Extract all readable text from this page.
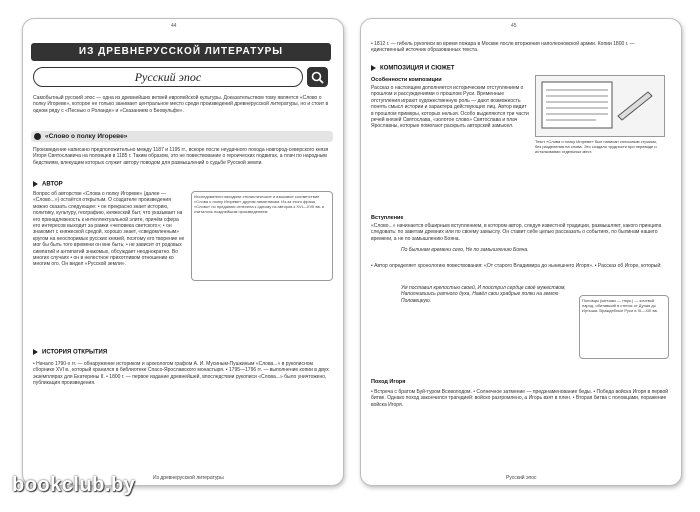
44
ИЗ ДРЕВНЕРУССКОЙ ЛИТЕРАТУРЫ
Русский эпос
Самобытный русский эпос — одна из древнейших ветвей европейской культуры. Доказательством тому является «Слово о полку Игореве», которое не только занимает центральное место среди произведений древнерусской литературы, но и стоит в одном ряду с «Песнью о Роланде» и «Сказанием о Беовульфе».
«Слово о полку Игореве»
Произведение написано предположительно между 1187 и 1195 гг., вскоре после неудачного похода новгород-северского князя Игоря Святославича на половцев в 1185 г. Таким образом, это не повествование о героических подвигах, а плач по народным бедствиям, влекущим которых служит автору поводом для размышлений о судьбе Русской земли.
АВТОР
Вопрос об авторстве «Слова о полку Игореве» (далее — «Слово...») остаётся открытым. О создателе произведения можно сказать следующее: • он прекрасно знает историю, политику, культуру, географию, княжеский быт, что указывает на его принадлежность к интеллектуальной элите, причём сфера его интересов выходит за рамки «человека светского»; • он знакомит с княжеской средой, хорошо знает, «сведомленным» кругом на неоспоримых русских князей, поэтому его творение не мог бы быть того времени он вне быть; • не зависит от родовых симпатий и антипатий знакомых, обсуждает неоднократно. Во многих случаях • он в нелестное прихотливом отношении ко многим ого. Он видел «Русской земли».
Исследователи находили стилистическое и языковое соответствие «Слова о полку Игореве» другим памятникам. Из-за этого фраза «Слово» по преданию отнесена к одному из авторов к XVI—XVII вв. и считалось позднейшим произведением.
ИСТОРИЯ ОТКРЫТИЯ
• Начало 1790-х гг. — обнаружение историком и археологом графом А. И. Мусиным-Пушкиным «Слова...» в рукописном сборнике XVI в., который хранился в библиотеке Спасо-Ярославского монастыря. • 1795—1796 гг. — выполнение копии в двух экземплярах для Екатерины II. • 1800 г. — первое издание древнейшей, впоследствии рукописи «Слова...» было уничтожено, публикация произведения.
Из древнерусской литературы
45
• 1812 г. — гибель рукописи во время пожара в Москве после вторжения наполеоновской армии. Копии 1800 г. — единственный источник образованных текста.
КОМПОЗИЦИЯ И СЮЖЕТ
Особенности композиции
Рассказ о настоящем дополняется историческим отступлением о прошлом и рассуждениями о прошлом Руси. Временные отступления играют художественную роль — дают возможность понять смысл истории и характера действующих лиц. Автор видит в прошлом примеры, которых нельзя. Особо выделяются три части речей князей Святослава, «золотое слово» Святослава и плач Ярославны, которые помогают раскрыть авторский замысел.
Текст «Слова о полку Игореве» был написан сплошным строком, без разделения на слова. Это создало трудности при переводе и истолковании отдельных мест.
Вступление
«Слово...» начинается обширным вступлением, в котором автор, следуя известной традиции, размышляет, какого принципа следовать: по заветам древних или по своему замыслу. Он ставит себе целью рассказать о событиях, по былинам нашего времени, а не по замышлению Бояна.
По былинам времени сего, Не по замышлению Бояна.
• Автор определяет хронологию повествования: «От старого Владимира до нынешнего Игоря». • Рассказ об Игоре, который:
Ум поставил крепостью своей, И поострил сердце своё мужеством, Наполнившись ратного духа, Навёл свои храбрые полки на землю Половецкую.	Половцы (кипчаки — тюрк.) — кочевой народ, обитавший в степях от Дуная до Иртыша. Враждебные Руси в XI—XIII вв.
Поход Игоря
• Встреча с братом Буй-туром Всеволодом. • Солнечное затмение — предзнаменование беды. • Победа войска Игоря в первой битве. Однако поход закончился трагедией: войско разгромлено, а Игорь взят в плен. • Вторая битва с половцами, поражение войска Игоря.
Русский эпос
bookclub.by
